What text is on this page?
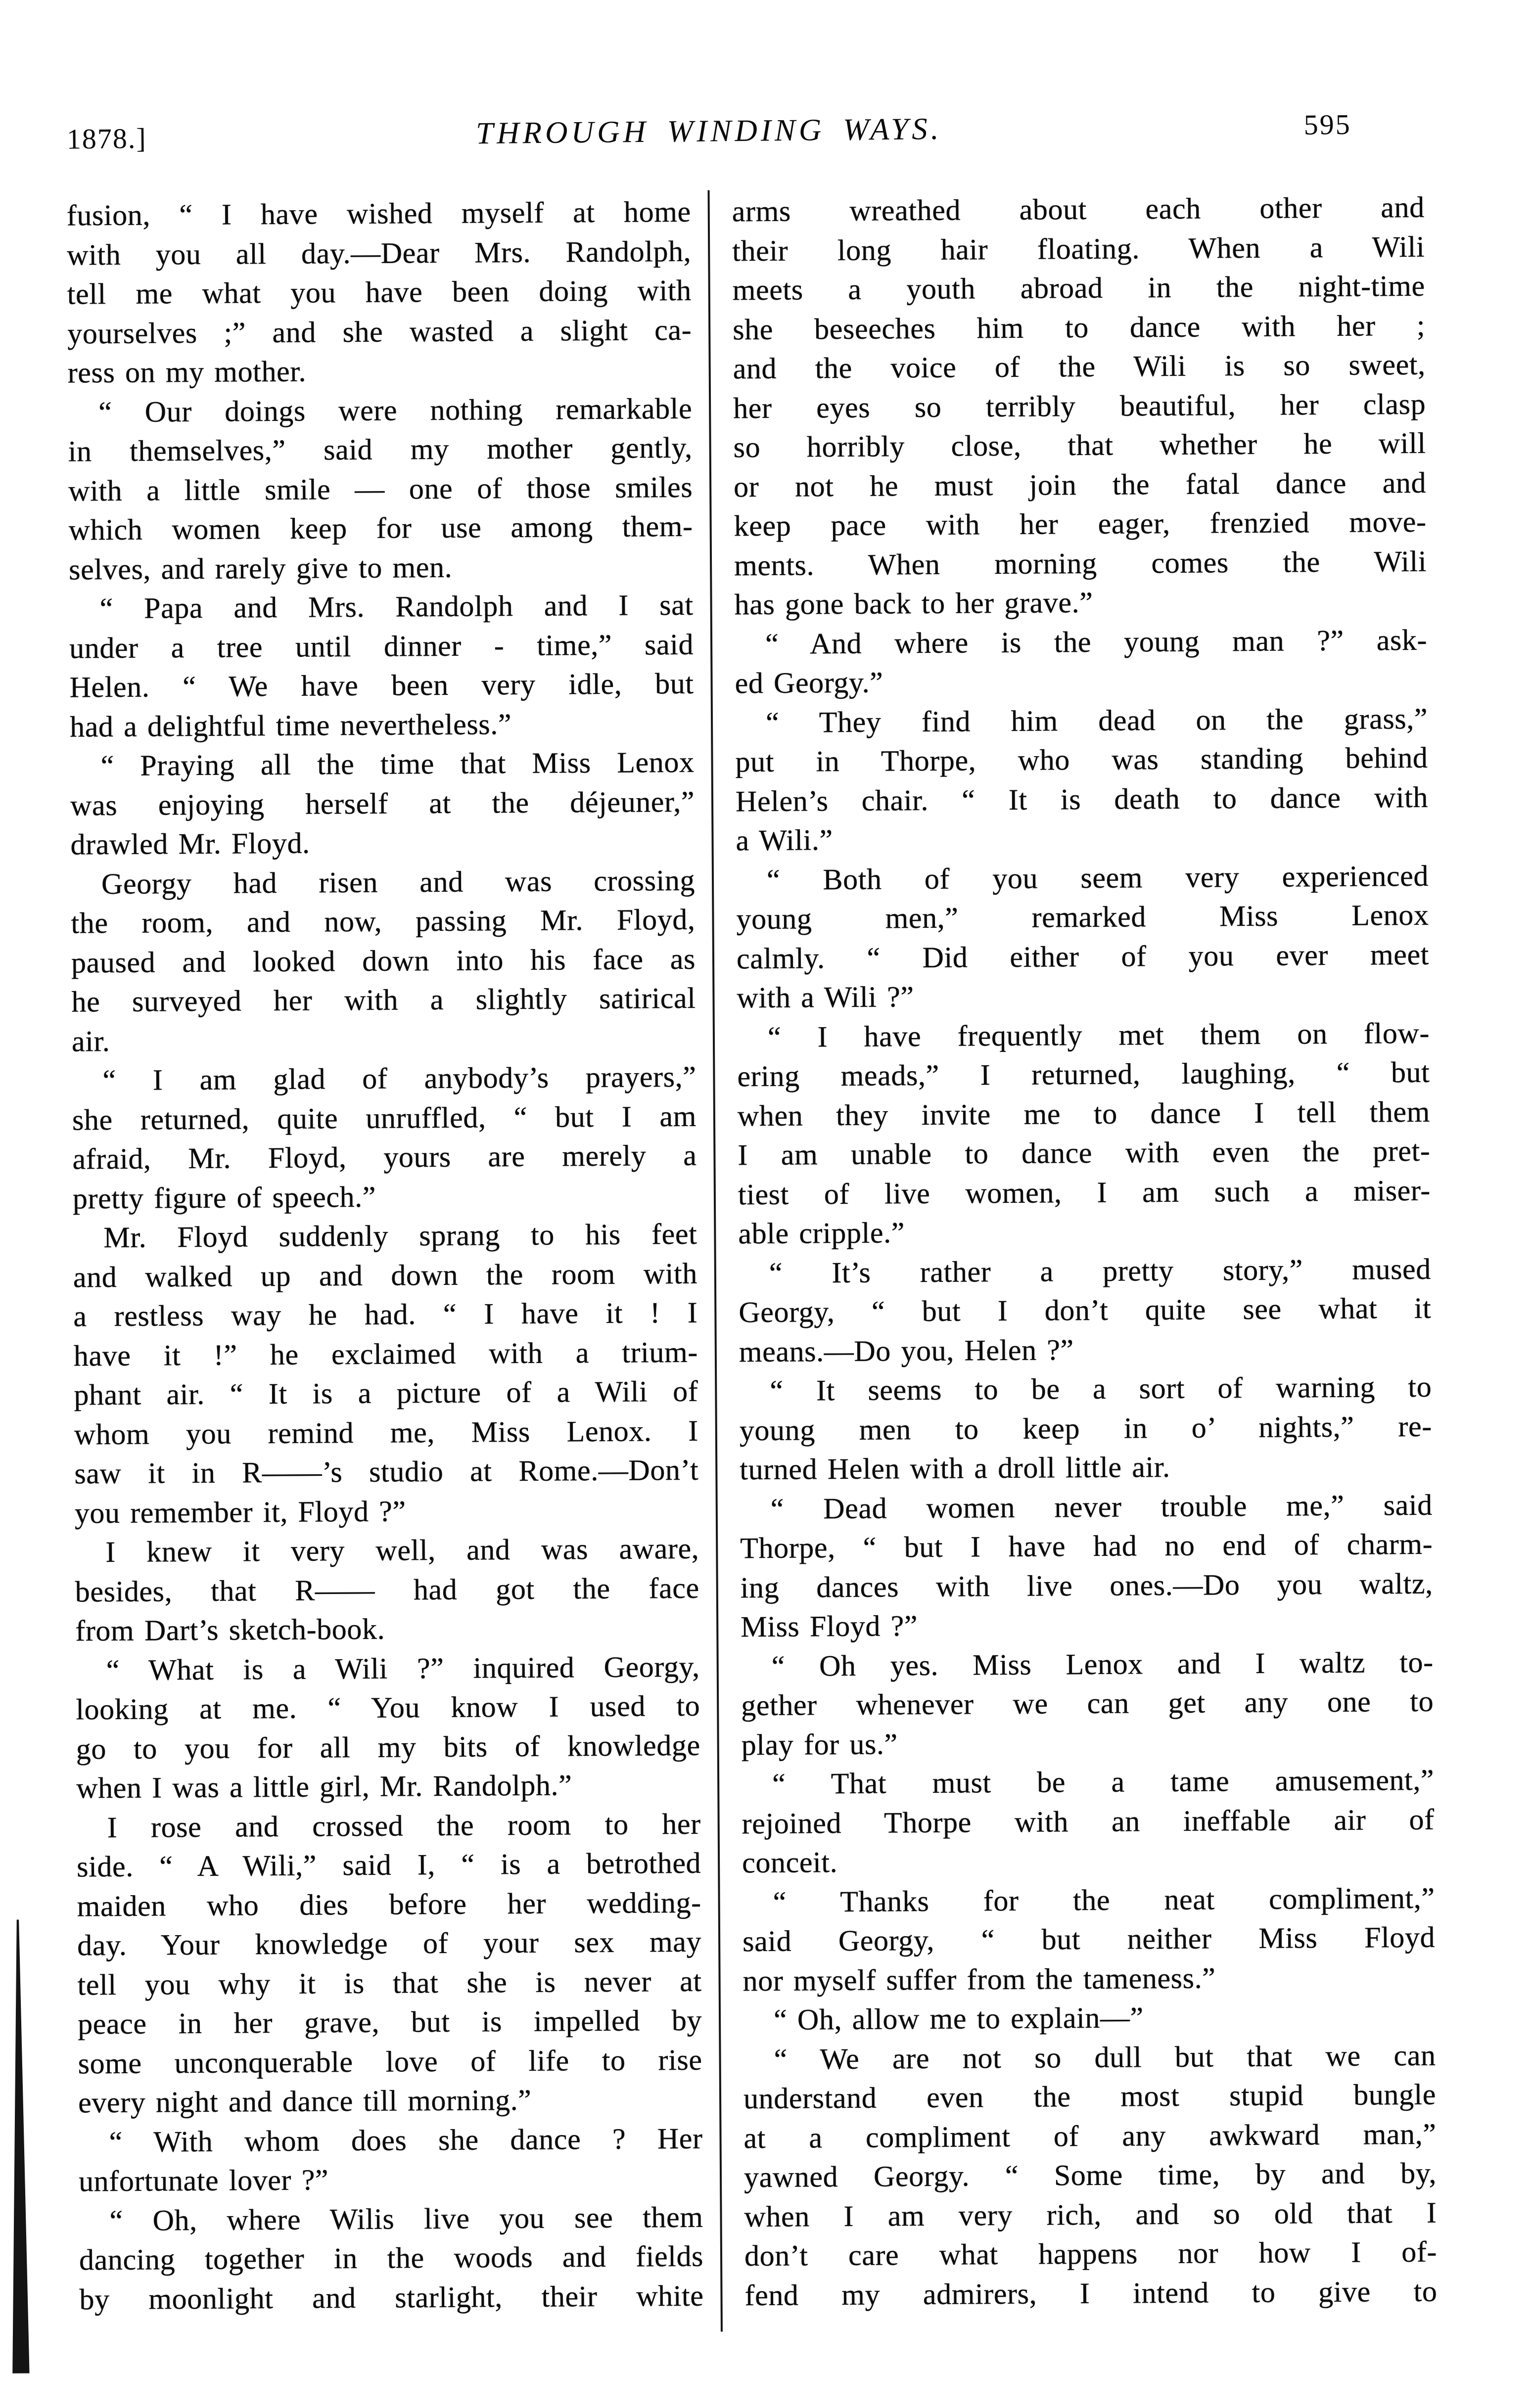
1878.]	THROUGH WINDING WAYS.	595
fusion, “ I have wished myself at home
with you all day.—Dear Mrs. Randolph,
tell me what you have been doing with
yourselves ;” and she wasted a slight ca-
ress on my mother.
“ Our doings were nothing remarkable
in themselves,” said my mother gently,
with a little smile — one of those smiles
which women keep for use among them-
selves, and rarely give to men.
“ Papa and Mrs. Randolph and I sat
under a tree until dinner - time,” said
Helen. “ We have been very idle, but
had a delightful time nevertheless.”
“ Praying all the time that Miss Lenox
was enjoying herself at the déjeuner,”
drawled Mr. Floyd.
Georgy had risen and was crossing
the room, and now, passing Mr. Floyd,
paused and looked down into his face as
he surveyed her with a slightly satirical
air.
“ I am glad of anybody’s prayers,”
she returned, quite unruffled, “ but I am
afraid, Mr. Floyd, yours are merely a
pretty figure of speech.”
Mr. Floyd suddenly sprang to his feet
and walked up and down the room with
a restless way he had. “ I have it ! I
have it !” he exclaimed with a trium-
phant air. “ It is a picture of a Wili of
whom you remind me, Miss Lenox. I
saw it in R——’s studio at Rome.—Don’t
you remember it, Floyd ?”
I knew it very well, and was aware,
besides, that R—— had got the face
from Dart’s sketch-book.
“ What is a Wili ?” inquired Georgy,
looking at me. “ You know I used to
go to you for all my bits of knowledge
when I was a little girl, Mr. Randolph.”
I rose and crossed the room to her
side. “ A Wili,” said I, “ is a betrothed
maiden who dies before her wedding-
day. Your knowledge of your sex may
tell you why it is that she is never at
peace in her grave, but is impelled by
some unconquerable love of life to rise
every night and dance till morning.”
“ With whom does she dance ? Her
unfortunate lover ?”
“ Oh, where Wilis live you see them
dancing together in the woods and fields
by moonlight and starlight, their white
arms wreathed about each other and
their long hair floating. When a Wili
meets a youth abroad in the night-time
she beseeches him to dance with her ;
and the voice of the Wili is so sweet,
her eyes so terribly beautiful, her clasp
so horribly close, that whether he will
or not he must join the fatal dance and
keep pace with her eager, frenzied move-
ments. When morning comes the Wili
has gone back to her grave.”
“ And where is the young man ?” ask-
ed Georgy.”
“ They find him dead on the grass,”
put in Thorpe, who was standing behind
Helen’s chair. “ It is death to dance with
a Wili.”
“ Both of you seem very experienced
young men,” remarked Miss Lenox
calmly. “ Did either of you ever meet
with a Wili ?”
“ I have frequently met them on flow-
ering meads,” I returned, laughing, “ but
when they invite me to dance I tell them
I am unable to dance with even the pret-
tiest of live women, I am such a miser-
able cripple.”
“ It’s rather a pretty story,” mused
Georgy, “ but I don’t quite see what it
means.—Do you, Helen ?”
“ It seems to be a sort of warning to
young men to keep in o’ nights,” re-
turned Helen with a droll little air.
“ Dead women never trouble me,” said
Thorpe, “ but I have had no end of charm-
ing dances with live ones.—Do you waltz,
Miss Floyd ?”
“ Oh yes. Miss Lenox and I waltz to-
gether whenever we can get any one to
play for us.”
“ That must be a tame amusement,”
rejoined Thorpe with an ineffable air of
conceit.
“ Thanks for the neat compliment,”
said Georgy, “ but neither Miss Floyd
nor myself suffer from the tameness.”
“ Oh, allow me to explain—”
“ We are not so dull but that we can
understand even the most stupid bungle
at a compliment of any awkward man,”
yawned Georgy. “ Some time, by and by,
when I am very rich, and so old that I
don’t care what happens nor how I of-
fend my admirers, I intend to give to
